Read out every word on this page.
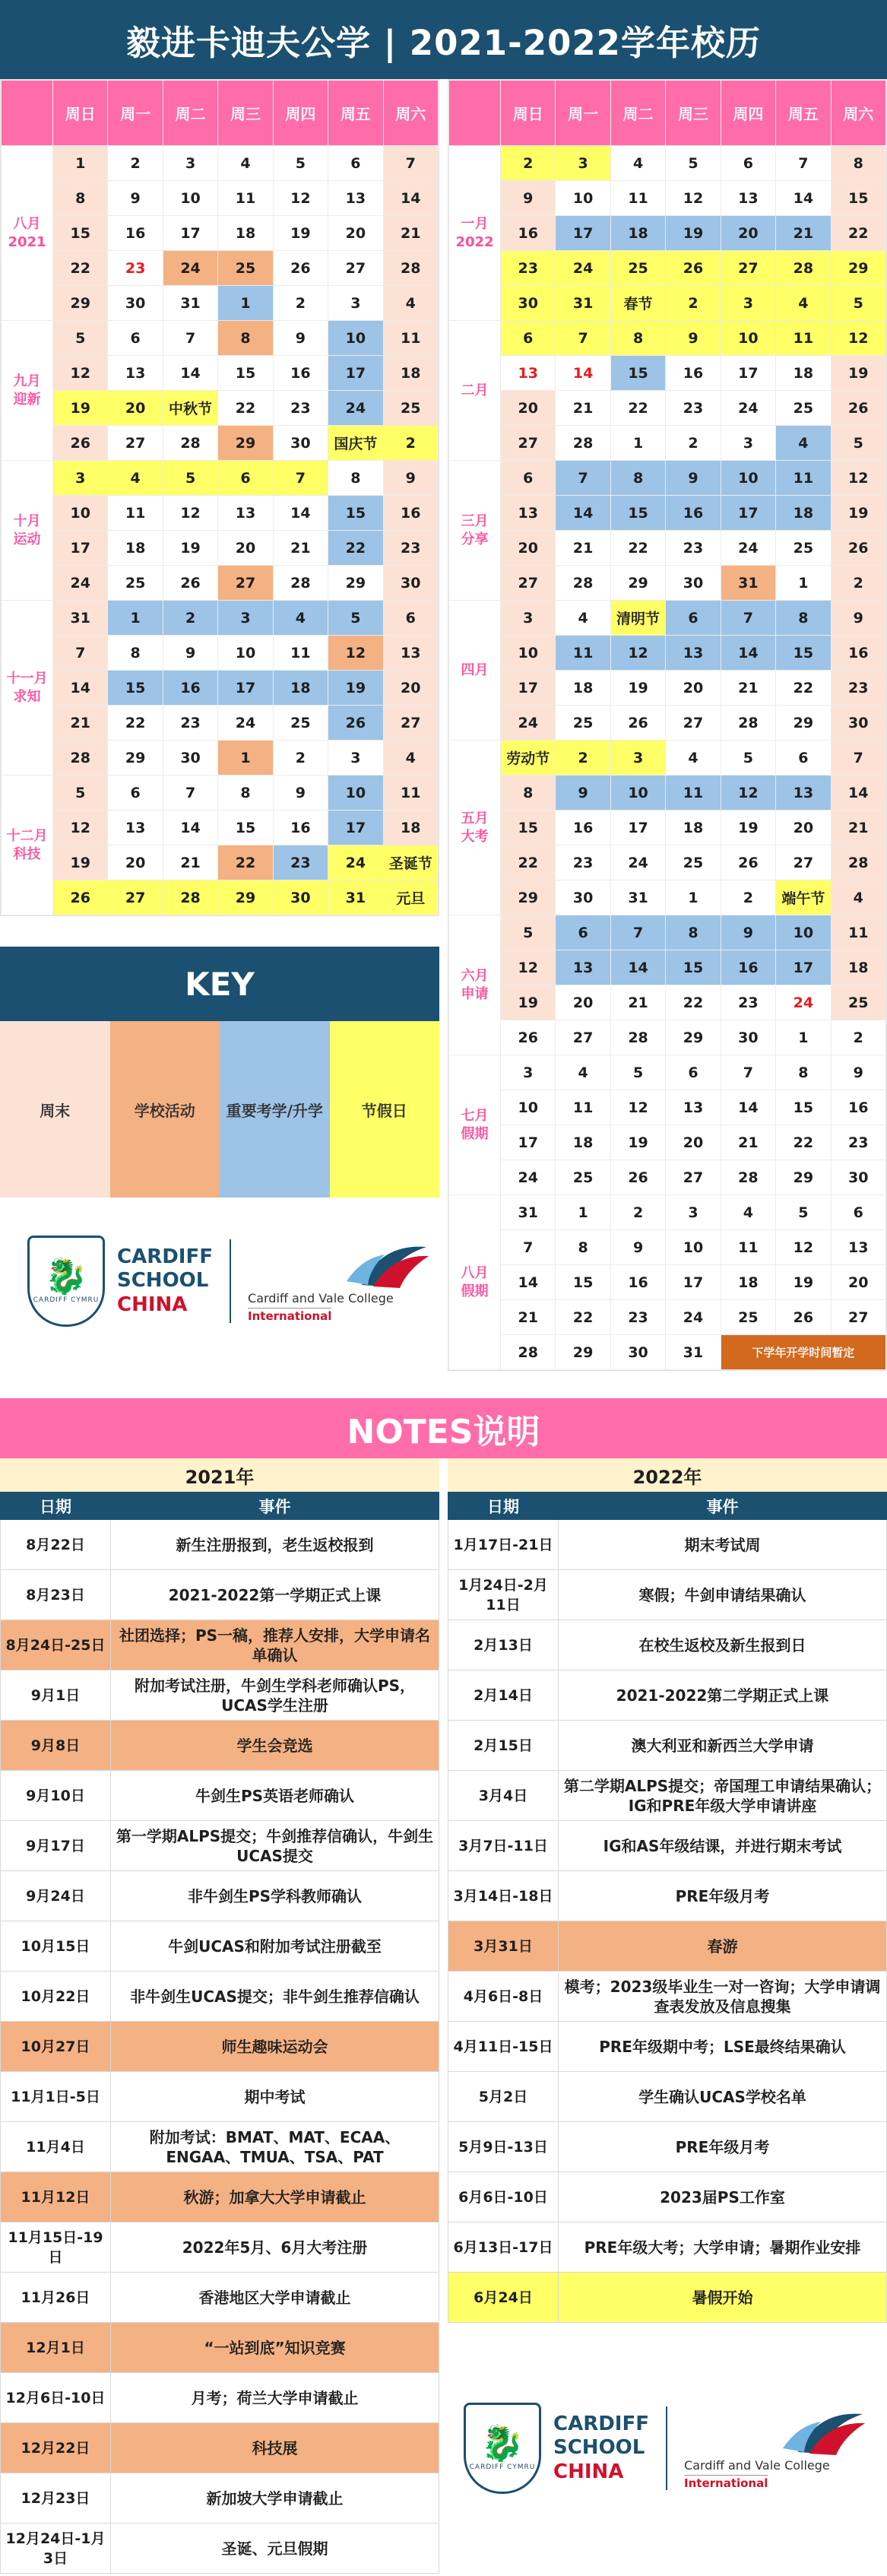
毅进卡迪夫公学 | 2021-2022学年校历
	周日	周一	周二	周三	周四	周五	周六

八月
2021	1	2	3	4	5	6	7
	8	9	10	11	12	13	14
	15	16	17	18	19	20	21
	22	23	24	25	26	27	28
	29	30	31	1	2	3	4

九月
迎新	5	6	7	8	9	10	11
	12	13	14	15	16	17	18
	19	20	中秋节	22	23	24	25
	26	27	28	29	30	国庆节	2

十月
运动	3	4	5	6	7	8	9
	10	11	12	13	14	15	16
	17	18	19	20	21	22	23
	24	25	26	27	28	29	30

十一月
求知	31	1	2	3	4	5	6
	7	8	9	10	11	12	13
	14	15	16	17	18	19	20
	21	22	23	24	25	26	27
	28	29	30	1	2	3	4

十二月
科技	5	6	7	8	9	10	11
	12	13	14	15	16	17	18
	19	20	21	22	23	24	圣诞节
	26	27	28	29	30	31	元旦
	周日	周一	周二	周三	周四	周五	周六

一月
2022	2	3	4	5	6	7	8
	9	10	11	12	13	14	15
	16	17	18	19	20	21	22
	23	24	25	26	27	28	29
	30	31	春节	2	3	4	5

二月	6	7	8	9	10	11	12
	13	14	15	16	17	18	19
	20	21	22	23	24	25	26
	27	28	1	2	3	4	5

三月
分享	6	7	8	9	10	11	12
	13	14	15	16	17	18	19
	20	21	22	23	24	25	26
	27	28	29	30	31	1	2

四月	3	4	清明节	6	7	8	9
	10	11	12	13	14	15	16
	17	18	19	20	21	22	23
	24	25	26	27	28	29	30

五月
大考	劳动节	2	3	4	5	6	7
	8	9	10	11	12	13	14
	15	16	17	18	19	20	21
	22	23	24	25	26	27	28
	29	30	31	1	2	端午节	4

六月
申请	5	6	7	8	9	10	11
	12	13	14	15	16	17	18
	19	20	21	22	23	24	25
	26	27	28	29	30	1	2

七月
假期	3	4	5	6	7	8	9
	10	11	12	13	14	15	16
	17	18	19	20	21	22	23
	24	25	26	27	28	29	30

八月
假期	31	1	2	3	4	5	6
	7	8	9	10	11	12	13
	14	15	16	17	18	19	20
	21	22	23	24	25	26	27
	28	29	30	31	下学年开学时间暂定		
KEY
周末	学校活动	重要考学/升学	节假日
🐉
CARDIFF CYMRU
CARDIFF
SCHOOL
CHINA	Cardiff and Vale College
International
NOTES说明
2021年	2022年
日期	事件
8月22日	新生注册报到，老生返校报到
8月23日	2021-2022第一学期正式上课
8月24日-25日	社团选择；PS一稿，推荐人安排，大学申请名单确认
9月1日	附加考试注册，牛剑生学科老师确认PS，UCAS学生注册
9月8日	学生会竞选
9月10日	牛剑生PS英语老师确认
9月17日	第一学期ALPS提交；牛剑推荐信确认，牛剑生UCAS提交
9月24日	非牛剑生PS学科教师确认
10月15日	牛剑UCAS和附加考试注册截至
10月22日	非牛剑生UCAS提交；非牛剑生推荐信确认
10月27日	师生趣味运动会
11月1日-5日	期中考试
11月4日	附加考试：BMAT、MAT、ECAA、ENGAA、TMUA、TSA、PAT
11月12日	秋游；加拿大大学申请截止
11月15日-19日	2022年5月、6月大考注册
11月26日	香港地区大学申请截止
12月1日	“一站到底”知识竞赛
12月6日-10日	月考；荷兰大学申请截止
12月22日	科技展
12月23日	新加坡大学申请截止
12月24日-1月3日	圣诞、元旦假期
日期	事件
1月17日-21日	期末考试周
1月24日-2月11日	寒假；牛剑申请结果确认
2月13日	在校生返校及新生报到日
2月14日	2021-2022第二学期正式上课
2月15日	澳大利亚和新西兰大学申请
3月4日	第二学期ALPS提交；帝国理工申请结果确认；IG和PRE年级大学申请讲座
3月7日-11日	IG和AS年级结课，并进行期末考试
3月14日-18日	PRE年级月考
3月31日	春游
4月6日-8日	模考；2023级毕业生一对一咨询；大学申请调查表发放及信息搜集
4月11日-15日	PRE年级期中考；LSE最终结果确认
5月2日	学生确认UCAS学校名单
5月9日-13日	PRE年级月考
6月6日-10日	2023届PS工作室
6月13日-17日	PRE年级大考；大学申请；暑期作业安排
6月24日	暑假开始
🐉
CARDIFF CYMRU
CARDIFF
SCHOOL
CHINA	Cardiff and Vale College
International
